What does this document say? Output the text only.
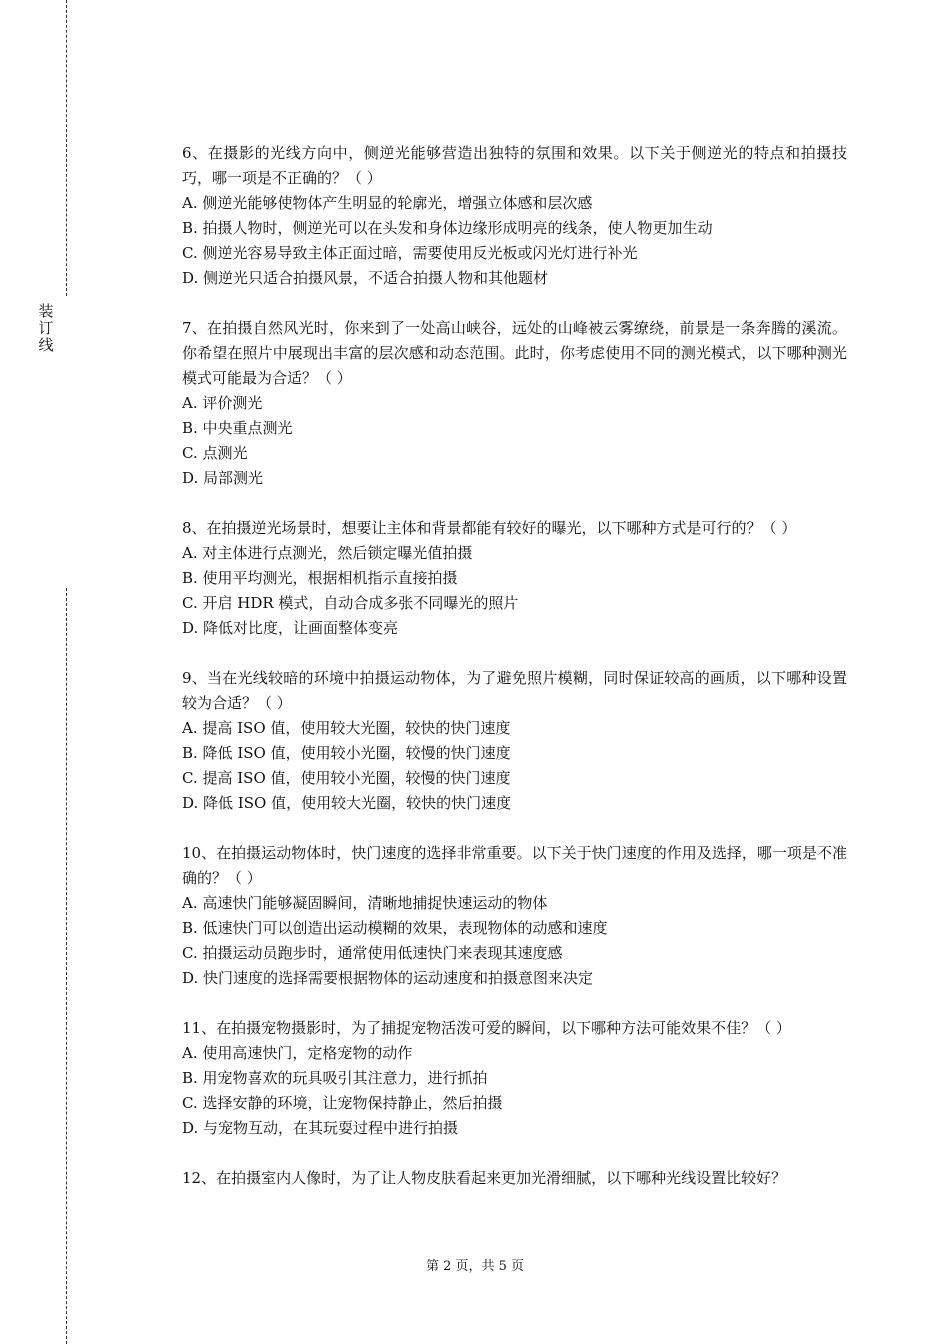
装
订
线
6、在摄影的光线方向中，侧逆光能够营造出独特的氛围和效果。以下关于侧逆光的特点和拍摄技巧，哪一项是不正确的？（ ）
A. 侧逆光能够使物体产生明显的轮廓光，增强立体感和层次感
B. 拍摄人物时，侧逆光可以在头发和身体边缘形成明亮的线条，使人物更加生动
C. 侧逆光容易导致主体正面过暗，需要使用反光板或闪光灯进行补光
D. 侧逆光只适合拍摄风景，不适合拍摄人物和其他题材
7、在拍摄自然风光时，你来到了一处高山峡谷，远处的山峰被云雾缭绕，前景是一条奔腾的溪流。你希望在照片中展现出丰富的层次感和动态范围。此时，你考虑使用不同的测光模式，以下哪种测光模式可能最为合适？（ ）
A. 评价测光
B. 中央重点测光
C. 点测光
D. 局部测光
8、在拍摄逆光场景时，想要让主体和背景都能有较好的曝光，以下哪种方式是可行的？（ ）
A. 对主体进行点测光，然后锁定曝光值拍摄
B. 使用平均测光，根据相机指示直接拍摄
C. 开启 HDR 模式，自动合成多张不同曝光的照片
D. 降低对比度，让画面整体变亮
9、当在光线较暗的环境中拍摄运动物体，为了避免照片模糊，同时保证较高的画质，以下哪种设置较为合适？（ ）
A. 提高 ISO 值，使用较大光圈，较快的快门速度
B. 降低 ISO 值，使用较小光圈，较慢的快门速度
C. 提高 ISO 值，使用较小光圈，较慢的快门速度
D. 降低 ISO 值，使用较大光圈，较快的快门速度
10、在拍摄运动物体时，快门速度的选择非常重要。以下关于快门速度的作用及选择，哪一项是不准确的？（ ）
A. 高速快门能够凝固瞬间，清晰地捕捉快速运动的物体
B. 低速快门可以创造出运动模糊的效果，表现物体的动感和速度
C. 拍摄运动员跑步时，通常使用低速快门来表现其速度感
D. 快门速度的选择需要根据物体的运动速度和拍摄意图来决定
11、在拍摄宠物摄影时，为了捕捉宠物活泼可爱的瞬间，以下哪种方法可能效果不佳？（ ）
A. 使用高速快门，定格宠物的动作
B. 用宠物喜欢的玩具吸引其注意力，进行抓拍
C. 选择安静的环境，让宠物保持静止，然后拍摄
D. 与宠物互动，在其玩耍过程中进行拍摄
12、在拍摄室内人像时，为了让人物皮肤看起来更加光滑细腻，以下哪种光线设置比较好？
第 2 页，共 5 页
